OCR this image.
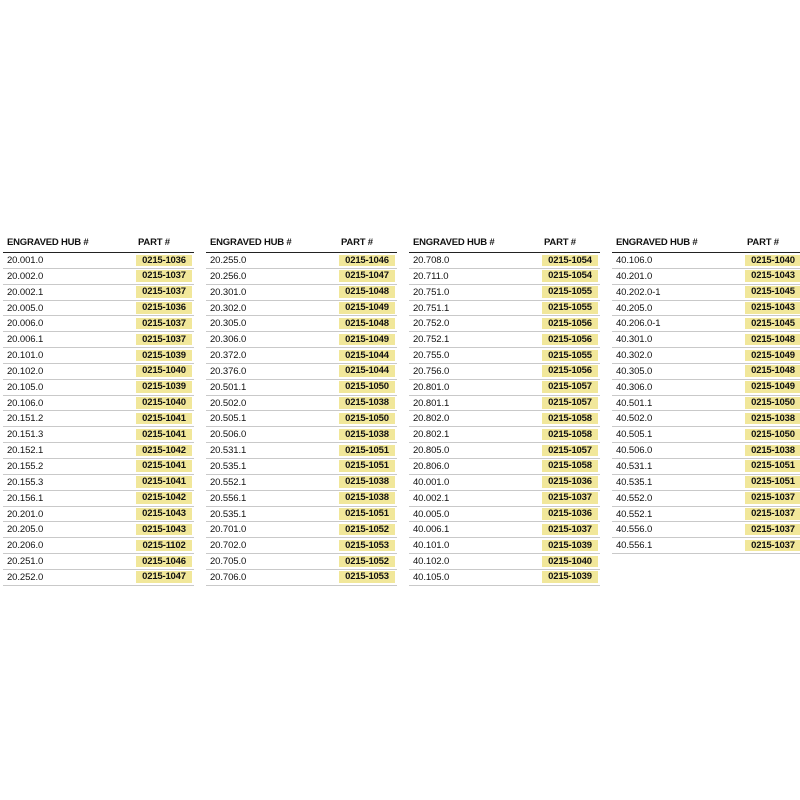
ENGRAVED HUB #	PART #
20.001.0	0215-1036
20.002.0	0215-1037
20.002.1	0215-1037
20.005.0	0215-1036
20.006.0	0215-1037
20.006.1	0215-1037
20.101.0	0215-1039
20.102.0	0215-1040
20.105.0	0215-1039
20.106.0	0215-1040
20.151.2	0215-1041
20.151.3	0215-1041
20.152.1	0215-1042
20.155.2	0215-1041
20.155.3	0215-1041
20.156.1	0215-1042
20.201.0	0215-1043
20.205.0	0215-1043
20.206.0	0215-1102
20.251.0	0215-1046
20.252.0	0215-1047
ENGRAVED HUB #	PART #
20.255.0	0215-1046
20.256.0	0215-1047
20.301.0	0215-1048
20.302.0	0215-1049
20.305.0	0215-1048
20.306.0	0215-1049
20.372.0	0215-1044
20.376.0	0215-1044
20.501.1	0215-1050
20.502.0	0215-1038
20.505.1	0215-1050
20.506.0	0215-1038
20.531.1	0215-1051
20.535.1	0215-1051
20.552.1	0215-1038
20.556.1	0215-1038
20.535.1	0215-1051
20.701.0	0215-1052
20.702.0	0215-1053
20.705.0	0215-1052
20.706.0	0215-1053
ENGRAVED HUB #	PART #
20.708.0	0215-1054
20.711.0	0215-1054
20.751.0	0215-1055
20.751.1	0215-1055
20.752.0	0215-1056
20.752.1	0215-1056
20.755.0	0215-1055
20.756.0	0215-1056
20.801.0	0215-1057
20.801.1	0215-1057
20.802.0	0215-1058
20.802.1	0215-1058
20.805.0	0215-1057
20.806.0	0215-1058
40.001.0	0215-1036
40.002.1	0215-1037
40.005.0	0215-1036
40.006.1	0215-1037
40.101.0	0215-1039
40.102.0	0215-1040
40.105.0	0215-1039
ENGRAVED HUB #	PART #
40.106.0	0215-1040
40.201.0	0215-1043
40.202.0-1	0215-1045
40.205.0	0215-1043
40.206.0-1	0215-1045
40.301.0	0215-1048
40.302.0	0215-1049
40.305.0	0215-1048
40.306.0	0215-1049
40.501.1	0215-1050
40.502.0	0215-1038
40.505.1	0215-1050
40.506.0	0215-1038
40.531.1	0215-1051
40.535.1	0215-1051
40.552.0	0215-1037
40.552.1	0215-1037
40.556.0	0215-1037
40.556.1	0215-1037
